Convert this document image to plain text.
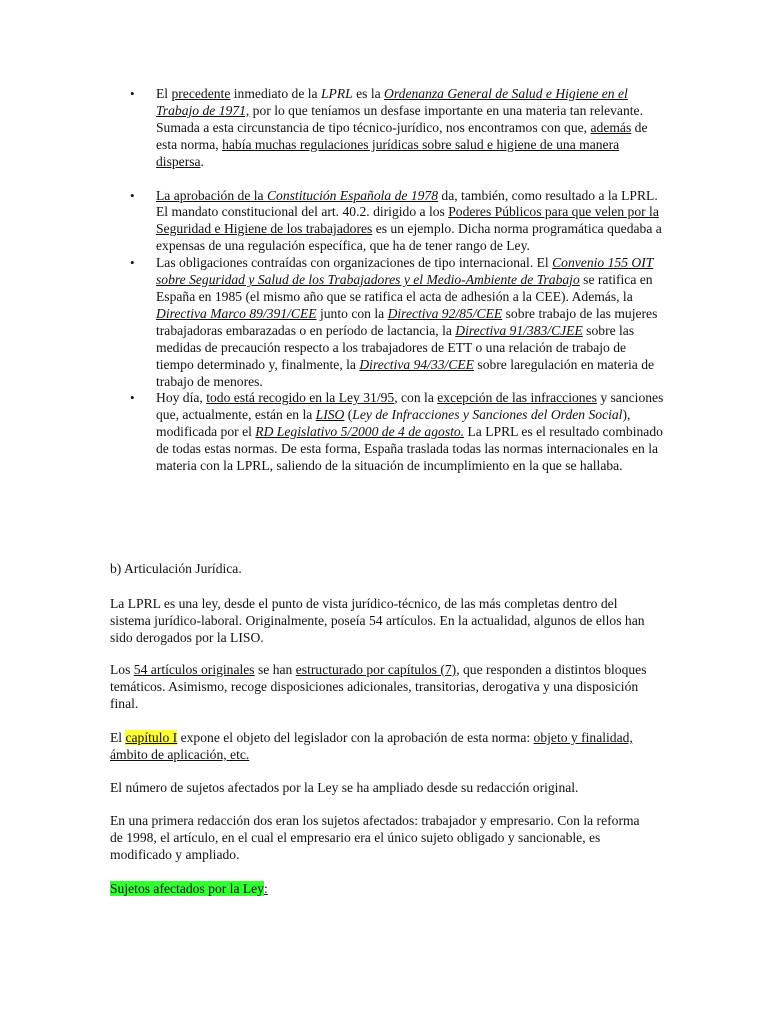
• El precedente inmediato de la LPRL es la Ordenanza General de Salud e Higiene en el Trabajo de 1971, por lo que teníamos un desfase importante en una materia tan relevante. Sumada a esta circunstancia de tipo técnico-jurídico, nos encontramos con que, además de esta norma, había muchas regulaciones jurídicas sobre salud e higiene de una manera dispersa.
• La aprobación de la Constitución Española de 1978 da, también, como resultado a la LPRL. El mandato constitucional del art. 40.2. dirigido a los Poderes Públicos para que velen por la Seguridad e Higiene de los trabajadores es un ejemplo. Dicha norma programática quedaba a expensas de una regulación específica, que ha de tener rango de Ley.
• Las obligaciones contraídas con organizaciones de tipo internacional. El Convenio 155 OIT sobre Seguridad y Salud de los Trabajadores y el Medio-Ambiente de Trabajo se ratifica en España en 1985 (el mismo año que se ratifica el acta de adhesión a la CEE). Además, la Directiva Marco 89/391/CEE junto con la Directiva 92/85/CEE sobre trabajo de las mujeres trabajadoras embarazadas o en período de lactancia, la Directiva 91/383/CJEE sobre las medidas de precaución respecto a los trabajadores de ETT o una relación de trabajo de tiempo determinado y, finalmente, la Directiva 94/33/CEE sobre laregulación en materia de trabajo de menores.
• Hoy día, todo está recogido en la Ley 31/95, con la excepción de las infracciones y sanciones que, actualmente, están en la LISO (Ley de Infracciones y Sanciones del Orden Social), modificada por el RD Legislativo 5/2000 de 4 de agosto. La LPRL es el resultado combinado de todas estas normas. De esta forma, España traslada todas las normas internacionales en la materia con la LPRL, saliendo de la situación de incumplimiento en la que se hallaba.

b) Articulación Jurídica.

La LPRL es una ley, desde el punto de vista jurídico-técnico, de las más completas dentro del sistema jurídico-laboral. Originalmente, poseía 54 artículos. En la actualidad, algunos de ellos han sido derogados por la LISO.

Los 54 artículos originales se han estructurado por capítulos (7), que responden a distintos bloques temáticos. Asimismo, recoge disposiciones adicionales, transitorias, derogativa y una disposición final.

El capítulo I expone el objeto del legislador con la aprobación de esta norma: objeto y finalidad, ámbito de aplicación, etc.

El número de sujetos afectados por la Ley se ha ampliado desde su redacción original.

En una primera redacción dos eran los sujetos afectados: trabajador y empresario. Con la reforma de 1998, el artículo, en el cual el empresario era el único sujeto obligado y sancionable, es modificado y ampliado.

Sujetos afectados por la Ley:
